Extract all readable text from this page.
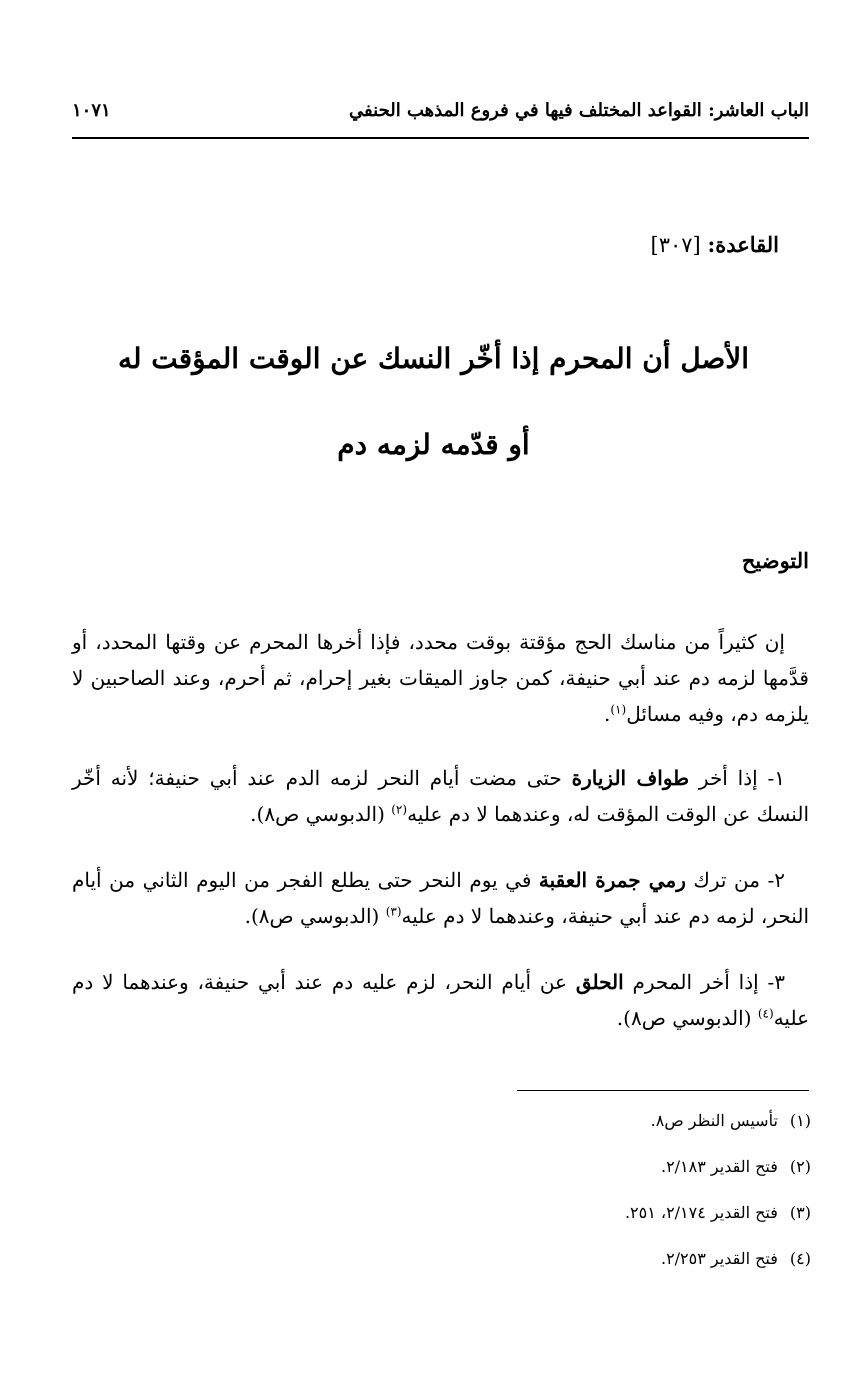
الباب العاشر: القواعد المختلف فيها في فروع المذهب الحنفي
١٠٧١
القاعدة: [٣٠٧]
الأصل أن المحرم إذا أخّر النسك عن الوقت المؤقت له
أو قدّمه لزمه دم
التوضيح

إن كثيراً من مناسك الحج مؤقتة بوقت محدد، فإذا أخرها المحرم عن وقتها المحدد، أو قدَّمها لزمه دم عند أبي حنيفة، كمن جاوز الميقات بغير إحرام، ثم أحرم، وعند الصاحبين لا يلزمه دم، وفيه مسائل$^{(١)}$.

١- إذا أخر طواف الزيارة حتى مضت أيام النحر لزمه الدم عند أبي حنيفة؛ لأنه أخّر النسك عن الوقت المؤقت له، وعندهما لا دم عليه$^{(٢)}$ (الدبوسي ص٨).

٢- من ترك رمي جمرة العقبة في يوم النحر حتى يطلع الفجر من اليوم الثاني من أيام النحر، لزمه دم عند أبي حنيفة، وعندهما لا دم عليه$^{(٣)}$ (الدبوسي ص٨).

٣- إذا أخر المحرم الحلق عن أيام النحر، لزم عليه دم عند أبي حنيفة، وعندهما لا دم عليه$^{(٤)}$ (الدبوسي ص٨).

(١)تأسيس النظر ص٨.
(٢)فتح القدير ٢/١٨٣.
(٣)فتح القدير ٢/١٧٤، ٢٥١.
(٤)فتح القدير ٢/٢٥٣.
